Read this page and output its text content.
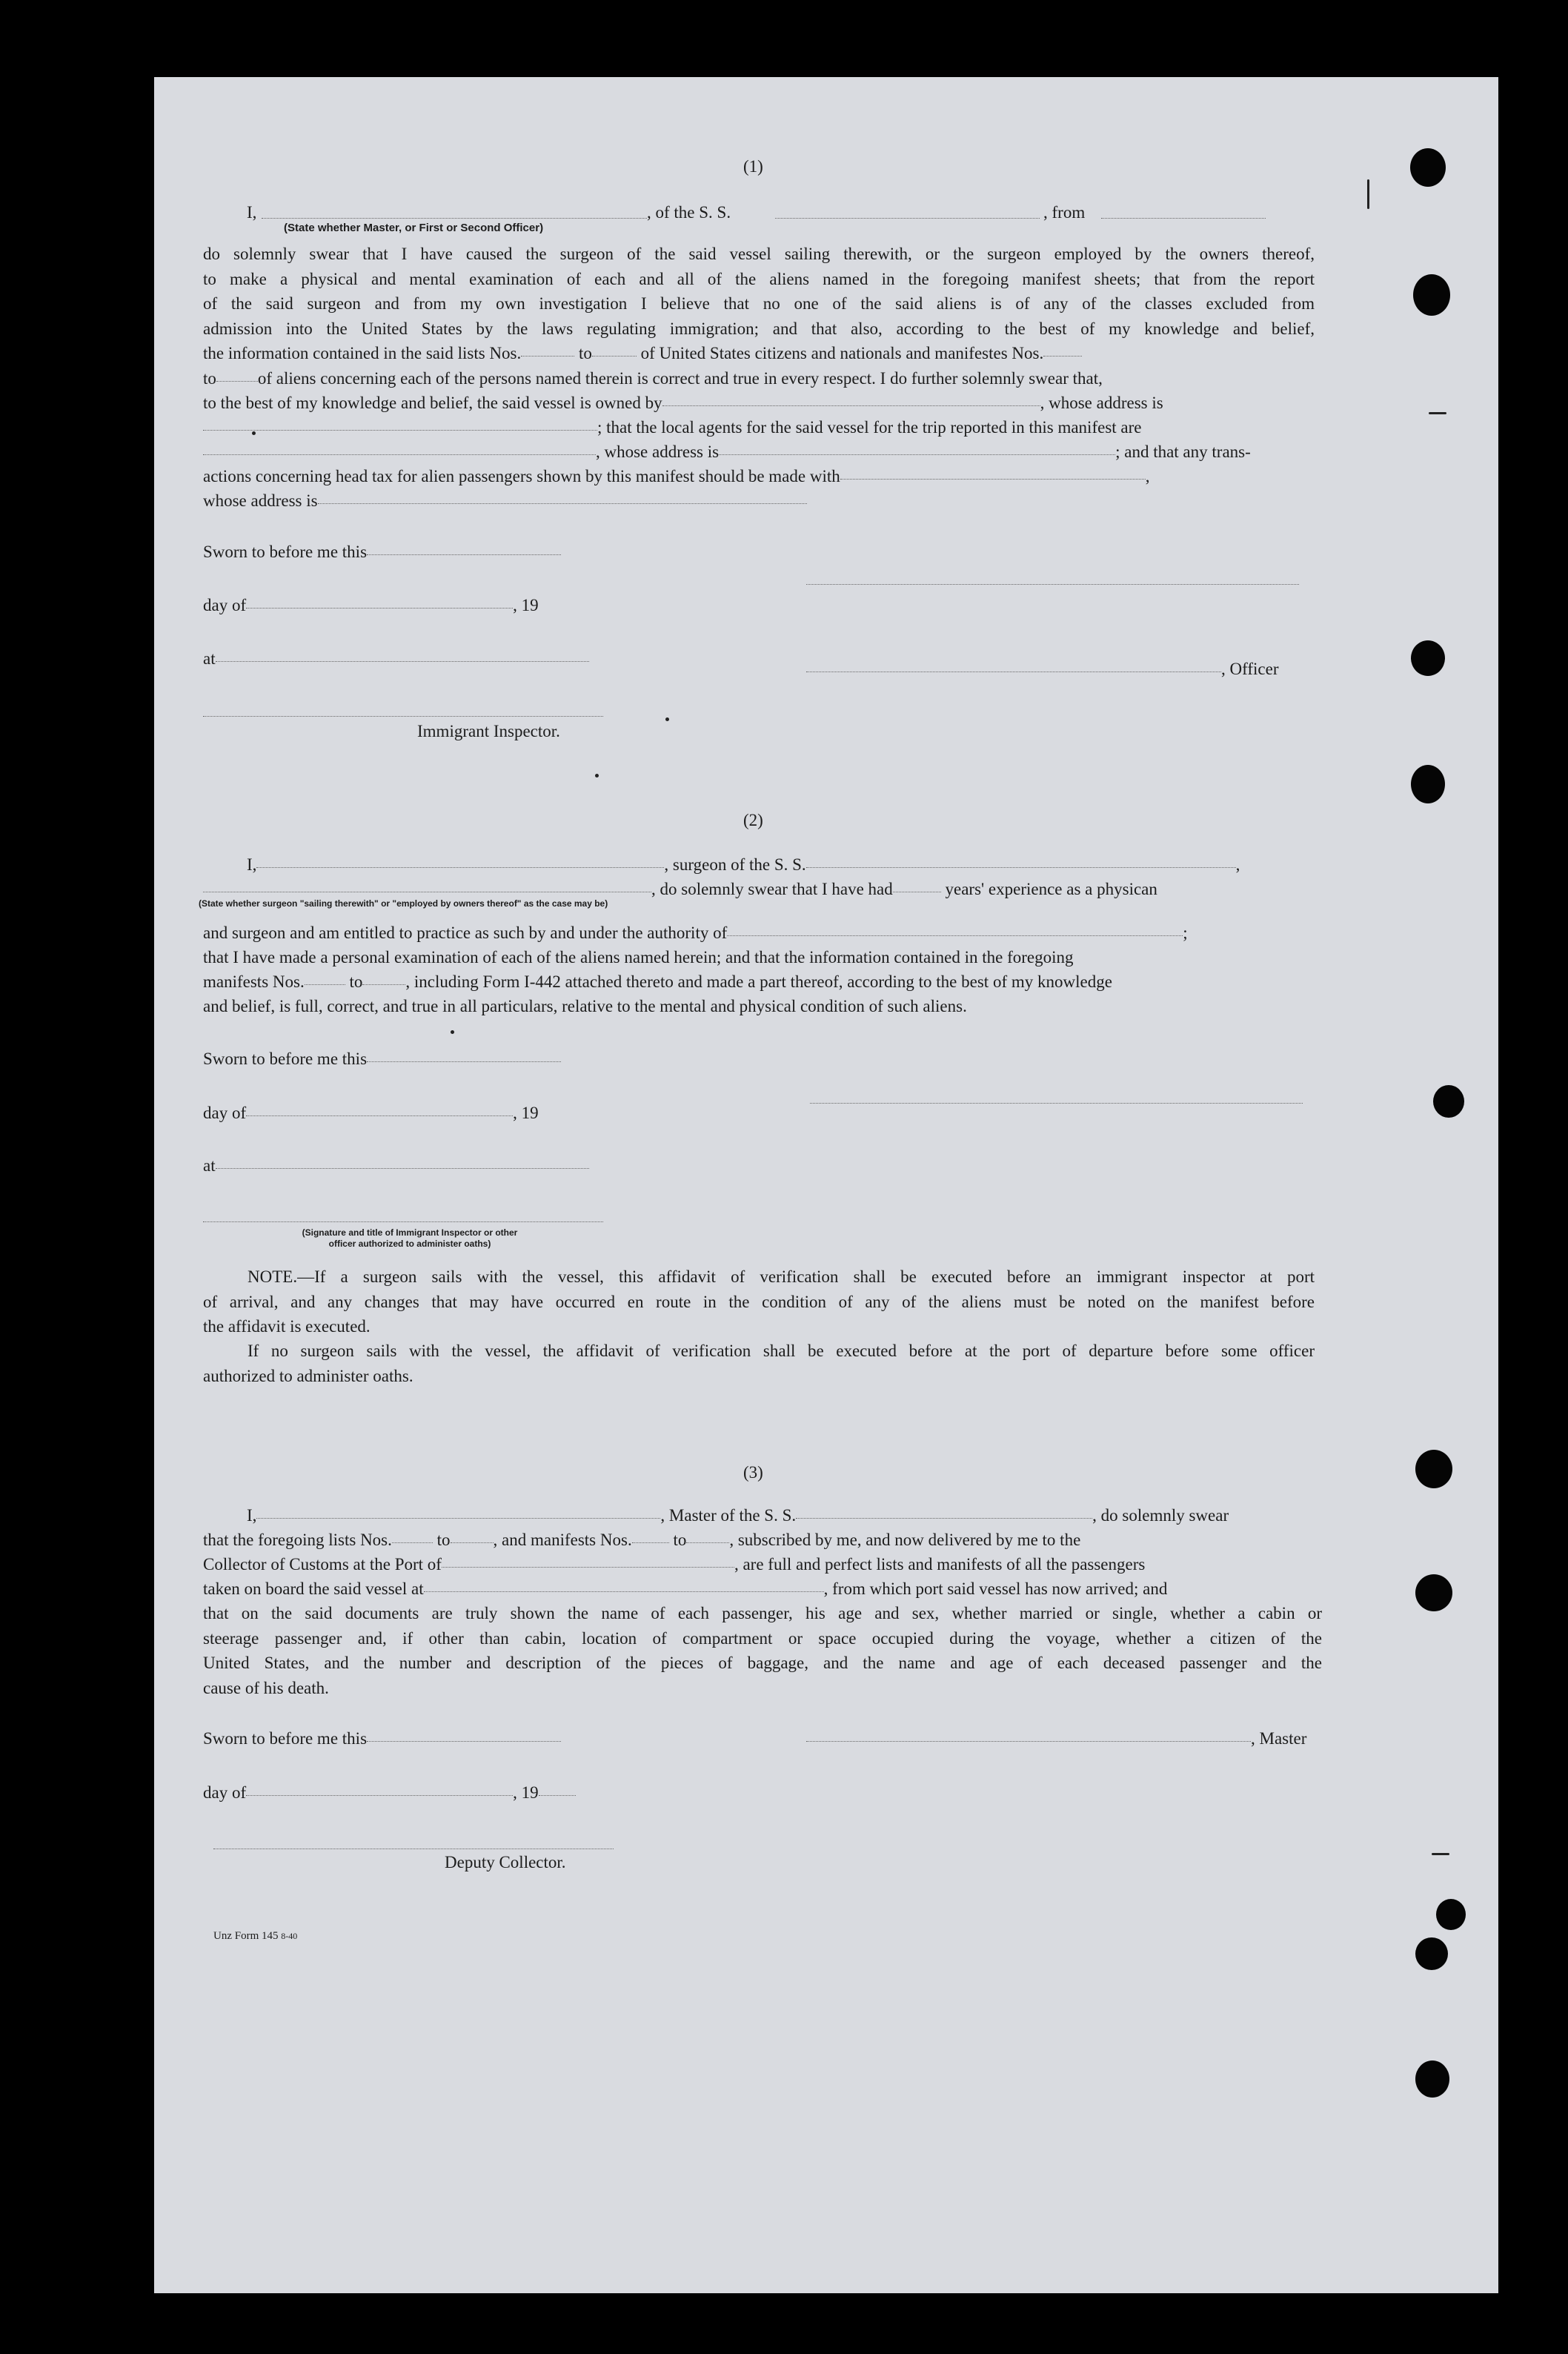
(1)
I,	, of the S. S.	, from
(State whether Master, or First or Second Officer)
do solemnly swear that I have caused the surgeon of the said vessel sailing therewith, or the surgeon employed by the owners thereof,
to make a physical and mental examination of each and all of the aliens named in the foregoing manifest sheets; that from the report
of the said surgeon and from my own investigation I believe that no one of the said aliens is of any of the classes excluded from
admission into the United States by the laws regulating immigration; and that also, according to the best of my knowledge and belief,
the information contained in the said lists Nos.	to	of United States citizens and nationals and manifestes Nos.
to of aliens concerning each of the persons named therein is correct and true in every respect. I do further solemnly swear that,
to the best of my knowledge and belief, the said vessel is owned by	, whose address is
; that the local agents for the said vessel for the trip reported in this manifest are
, whose address is	; and that any trans-
actions concerning head tax for alien passengers shown by this manifest should be made with	,
whose address is
Sworn to before me this
day of	, 19
at
, Officer
Immigrant Inspector.
(2)
I,	, surgeon of the S. S.	,
, do solemnly swear that I have had	years' experience as a physican
(State whether surgeon "sailing therewith" or "employed by owners thereof" as the case may be)
and surgeon and am entitled to practice as such by and under the authority of	;
that I have made a personal examination of each of the aliens named herein; and that the information contained in the foregoing
manifests Nos.	to	, including Form I-442 attached thereto and made a part thereof, according to the best of my knowledge
and belief, is full, correct, and true in all particulars, relative to the mental and physical condition of such aliens.
Sworn to before me this
day of	, 19
at
(Signature and title of Immigrant Inspector or other
officer authorized to administer oaths)
NOTE.—If a surgeon sails with the vessel, this affidavit of verification shall be executed before an immigrant inspector at port
of arrival, and any changes that may have occurred en route in the condition of any of the aliens must be noted on the manifest before
the affidavit is executed.
If no surgeon sails with the vessel, the affidavit of verification shall be executed before at the port of departure before some officer
authorized to administer oaths.
(3)
I,	, Master of the S. S.	, do solemnly swear
that the foregoing lists Nos.	to	, and manifests Nos. to	, subscribed by me, and now delivered by me to the
Collector of Customs at the Port of	, are full and perfect lists and manifests of all the passengers
taken on board the said vessel at	, from which port said vessel has now arrived; and
that on the said documents are truly shown the name of each passenger, his age and sex, whether married or single, whether a cabin or
steerage passenger and, if other than cabin, location of compartment or space occupied during the voyage, whether a citizen of the
United States, and the number and description of the pieces of baggage, and the name and age of each deceased passenger and the
cause of his death.
Sworn to before me this	, Master
day of	, 19
Deputy Collector.
Unz Form 145 8-40
